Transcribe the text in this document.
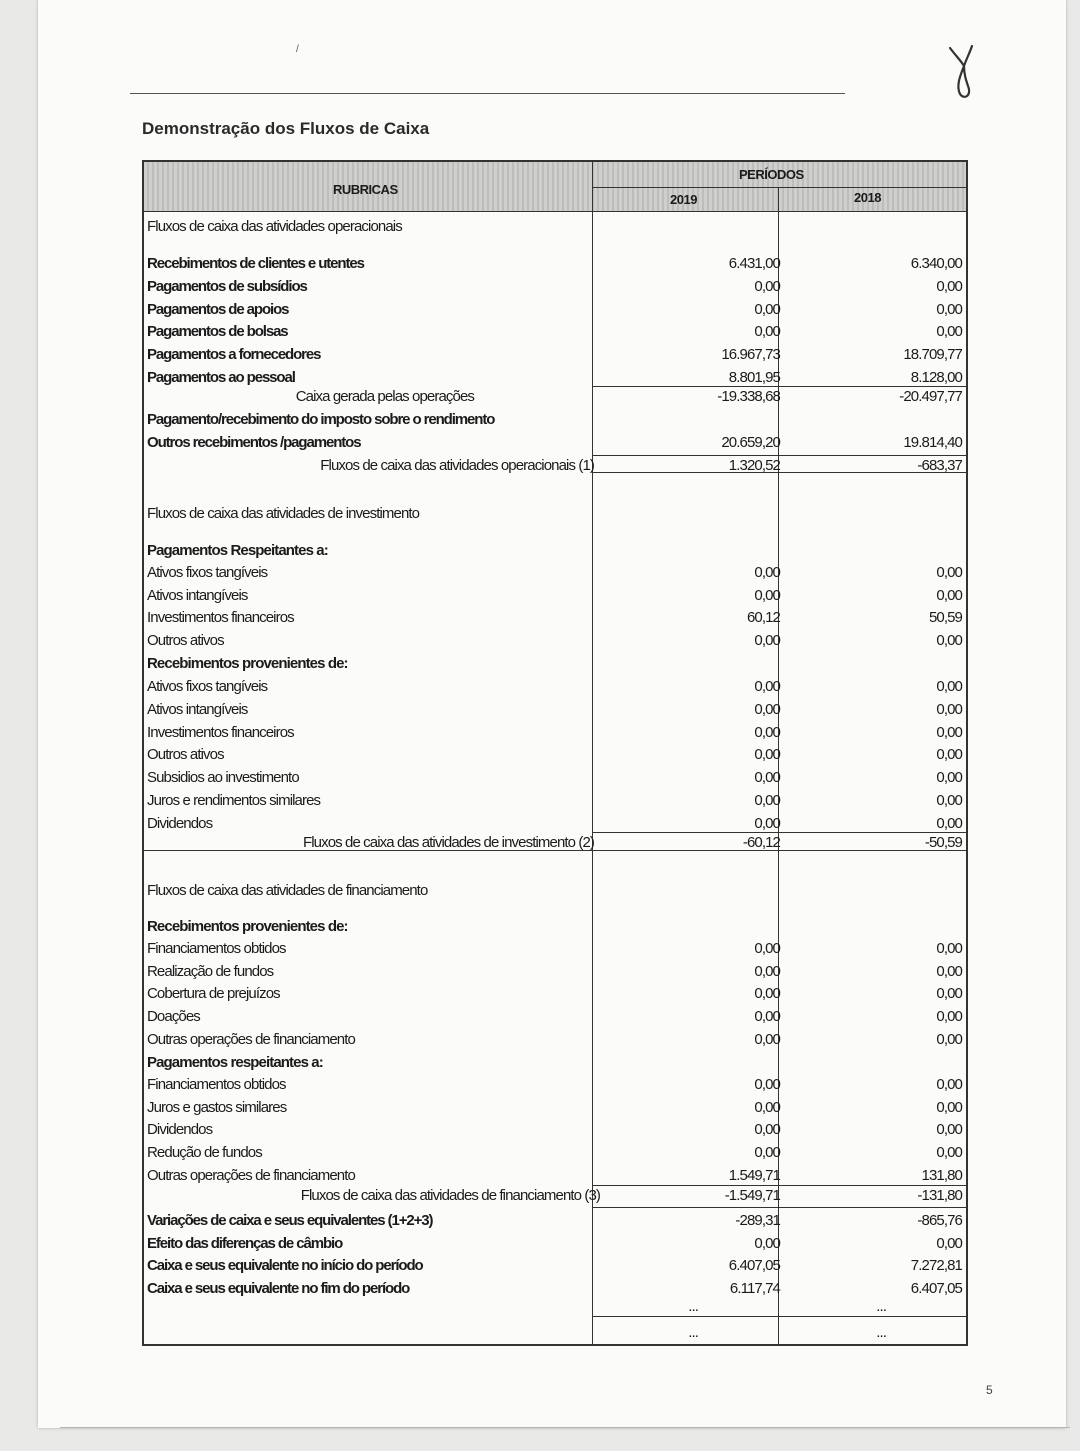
/
Demonstração dos Fluxos de Caixa
RUBRICAS
PERÍODOS
2019	2018
Fluxos de caixa das atividades operacionais
Recebimentos de clientes e utentes	6.431,00	6.340,00
Pagamentos de subsídios	0,00	0,00
Pagamentos de apoios	0,00	0,00
Pagamentos de bolsas	0,00	0,00
Pagamentos a fornecedores	16.967,73	18.709,77
Pagamentos ao pessoal	8.801,95	8.128,00
Caixa gerada pelas operações	-19.338,68	-20.497,77
Pagamento/recebimento do imposto sobre o rendimento
Outros recebimentos /pagamentos	20.659,20	19.814,40
Fluxos de caixa das atividades operacionais (1)	1.320,52	-683,37
Fluxos de caixa das atividades de investimento
Pagamentos Respeitantes a:
Ativos fixos tangíveis	0,00	0,00
Ativos intangíveis	0,00	0,00
Investimentos financeiros	60,12	50,59
Outros ativos	0,00	0,00
Recebimentos provenientes de:
Ativos fixos tangíveis	0,00	0,00
Ativos intangíveis	0,00	0,00
Investimentos financeiros	0,00	0,00
Outros ativos	0,00	0,00
Subsidios ao investimento	0,00	0,00
Juros e rendimentos similares	0,00	0,00
Dividendos	0,00	0,00
Fluxos de caixa das atividades de investimento (2)	-60,12	-50,59
Fluxos de caixa das atividades de financiamento
Recebimentos provenientes de:
Financiamentos obtidos	0,00	0,00
Realização de fundos	0,00	0,00
Cobertura de prejuízos	0,00	0,00
Doações	0,00	0,00
Outras operações de financiamento	0,00	0,00
Pagamentos respeitantes a:
Financiamentos obtidos	0,00	0,00
Juros e gastos similares	0,00	0,00
Dividendos	0,00	0,00
Redução de fundos	0,00	0,00
Outras operações de financiamento	1.549,71	131,80
Fluxos de caixa das atividades de financiamento (3)	-1.549,71	-131,80
Variações de caixa e seus equivalentes (1+2+3)	-289,31	-865,76
Efeito das diferenças de câmbio	0,00	0,00
Caixa e seus equivalente no início do período	6.407,05	7.272,81
Caixa e seus equivalente no fim do período	6.117,74	6.407,05
...	...
...	...
5
